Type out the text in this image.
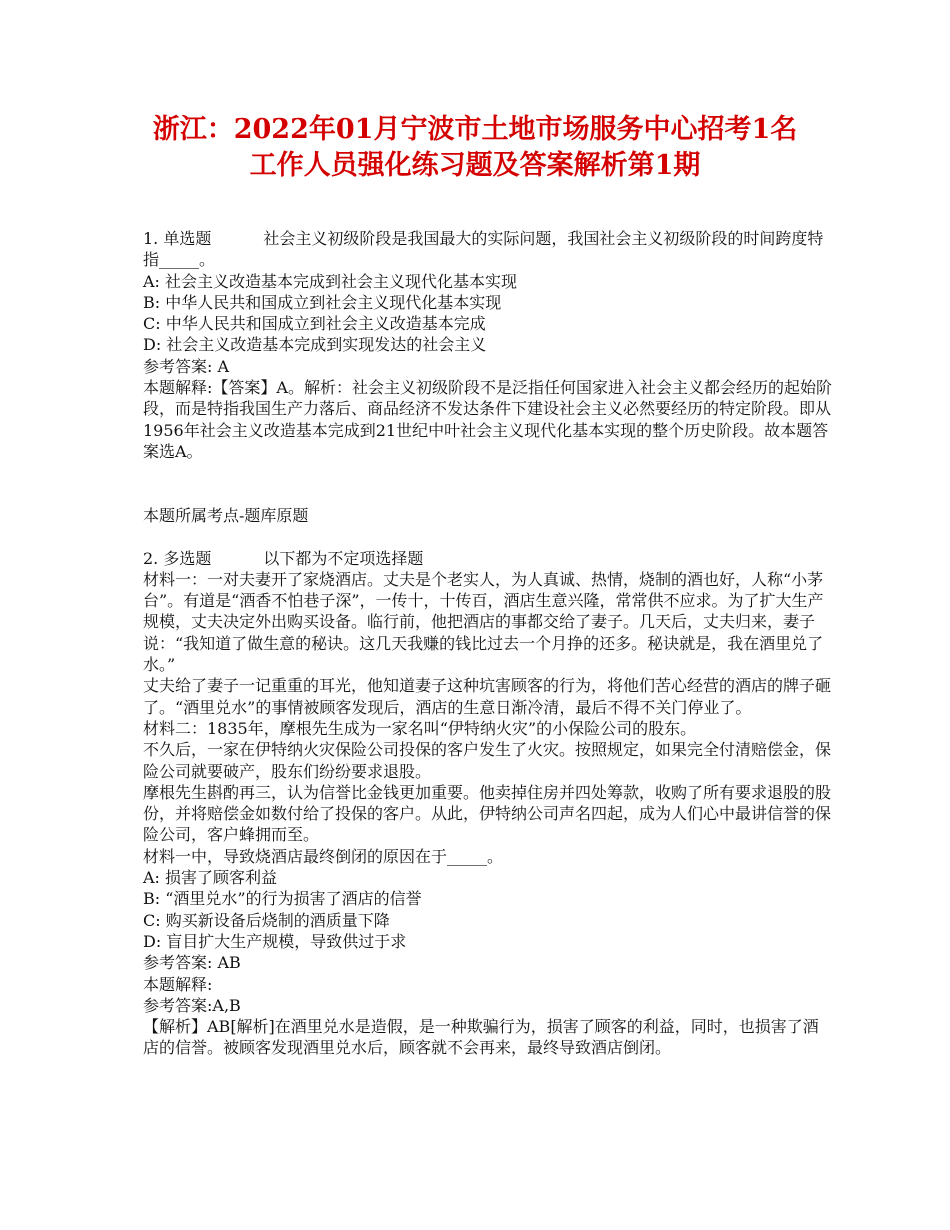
浙江：2022年01月宁波市土地市场服务中心招考1名
工作人员强化练习题及答案解析第1期

1. 单选题	社会主义初级阶段是我国最大的实际问题，我国社会主义初级阶段的时间跨度特指_____。

A: 社会主义改造基本完成到社会主义现代化基本实现

B: 中华人民共和国成立到社会主义现代化基本实现

C: 中华人民共和国成立到社会主义改造基本完成

D: 社会主义改造基本完成到实现发达的社会主义

参考答案: A

本题解释:【答案】A。解析：社会主义初级阶段不是泛指任何国家进入社会主义都会经历的起始阶段，而是特指我国生产力落后、商品经济不发达条件下建设社会主义必然要经历的特定阶段。即从1956年社会主义改造基本完成到21世纪中叶社会主义现代化基本实现的整个历史阶段。故本题答案选A。

本题所属考点-题库原题

2. 多选题	以下都为不定项选择题

材料一：一对夫妻开了家烧酒店。丈夫是个老实人，为人真诚、热情，烧制的酒也好，人称“小茅台”。有道是“酒香不怕巷子深”，一传十，十传百，酒店生意兴隆，常常供不应求。为了扩大生产规模，丈夫决定外出购买设备。临行前，他把酒店的事都交给了妻子。几天后，丈夫归来，妻子说：“我知道了做生意的秘诀。这几天我赚的钱比过去一个月挣的还多。秘诀就是，我在酒里兑了水。”

丈夫给了妻子一记重重的耳光，他知道妻子这种坑害顾客的行为，将他们苦心经营的酒店的牌子砸了。“酒里兑水”的事情被顾客发现后，酒店的生意日渐冷清，最后不得不关门停业了。

材料二：1835年，摩根先生成为一家名叫“伊特纳火灾”的小保险公司的股东。

不久后，一家在伊特纳火灾保险公司投保的客户发生了火灾。按照规定，如果完全付清赔偿金，保险公司就要破产，股东们纷纷要求退股。

摩根先生斟酌再三，认为信誉比金钱更加重要。他卖掉住房并四处筹款，收购了所有要求退股的股份，并将赔偿金如数付给了投保的客户。从此，伊特纳公司声名四起，成为人们心中最讲信誉的保险公司，客户蜂拥而至。

材料一中，导致烧酒店最终倒闭的原因在于_____。

A: 损害了顾客利益

B: “酒里兑水”的行为损害了酒店的信誉

C: 购买新设备后烧制的酒质量下降

D: 盲目扩大生产规模，导致供过于求

参考答案: AB

本题解释:

参考答案:A,B

【解析】AB[解析]在酒里兑水是造假，是一种欺骗行为，损害了顾客的利益，同时，也损害了酒店的信誉。被顾客发现酒里兑水后，顾客就不会再来，最终导致酒店倒闭。
